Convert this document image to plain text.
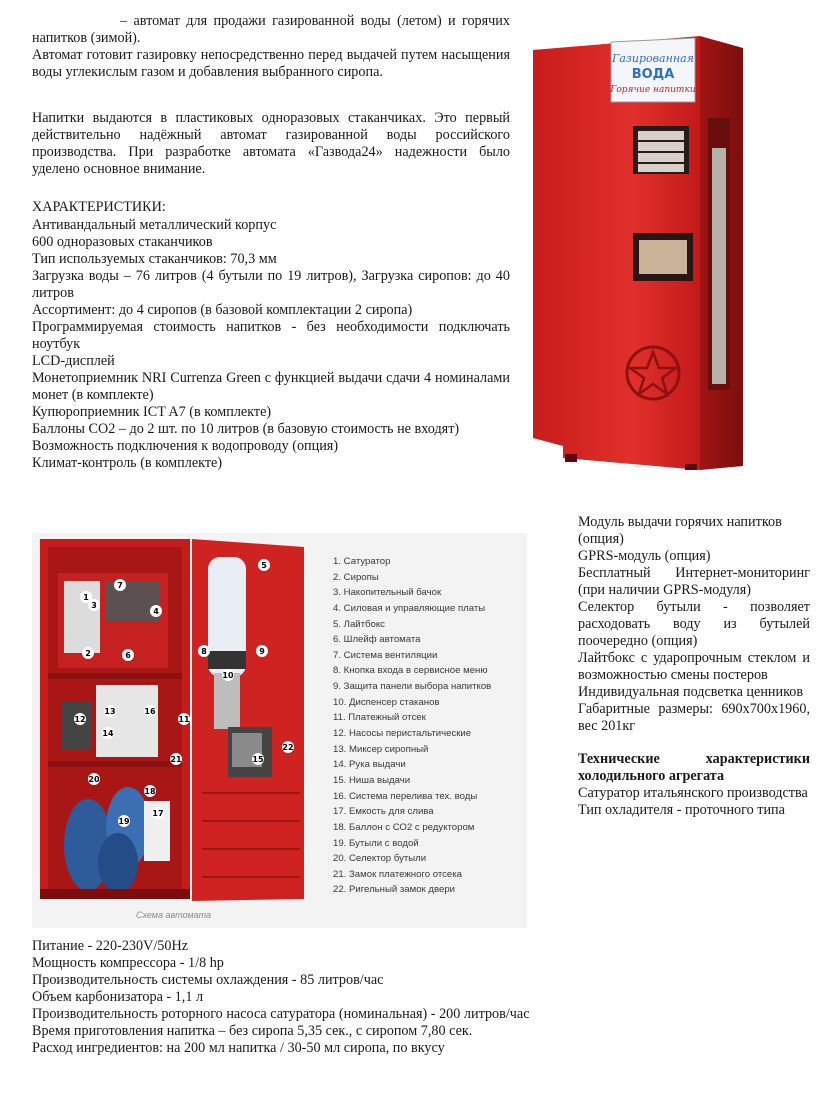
– автомат для продажи газированной воды (летом) и горячих напитков (зимой).
Автомат готовит газировку непосредственно перед выдачей путем насыщения воды углекислым газом и добавления выбранного сиропа.
Напитки выдаются в пластиковых одноразовых стаканчиках. Это первый действительно надёжный автомат газированной воды российского производства. При разработке автомата «Газвода24» надежности было уделено основное внимание.
ХАРАКТЕРИСТИКИ:
Антивандальный металлический корпус
600 одноразовых стаканчиков
Тип используемых стаканчиков: 70,3 мм
Загрузка воды – 76 литров (4 бутыли по 19 литров), Загрузка сиропов: до 40 литров
Ассортимент: до 4 сиропов (в базовой комплектации 2 сиропа)
Программируемая стоимость напитков - без необходимости подключать ноутбук
LCD-дисплей
Монетоприемник NRI Currenza Green с функцией выдачи сдачи 4 номиналами монет (в комплекте)
Купюроприемник ICT A7 (в комплекте)
Баллоны СО2 – до 2 шт. по 10 литров (в базовую стоимость не входят)
Возможность подключения к водопроводу (опция)
Климат-контроль (в комплекте)
Газированная
ВОДА
Горячие напитки
1
2
3
4
5
6
7
8	9
10
11
12
13
14
15
16
17
18
19
20
21
22
1. Сатуратор
2. Сиропы
3. Накопительный бачок
4. Силовая и управляющие платы
5. Лайтбокс
6. Шлейф автомата
7. Система вентиляции
8. Кнопка входа в сервисное меню
9. Защита панели выбора напитков
10. Диспенсер стаканов
11. Платежный отсек
12. Насосы перистальтические
13. Миксер сиропный
14. Рука выдачи
15. Ниша выдачи
16. Система перелива тех. воды
17. Емкость для слива
18. Баллон с СО2 с редуктором
19. Бутыли с водой
20. Селектор бутыли
21. Замок платежного отсека
22. Ригельный замок двери
Схема автомата
Модуль выдачи горячих напитков (опция)
GPRS-модуль (опция)
Бесплатный Интернет-мониторинг (при наличии GPRS-модуля)
Селектор бутыли - позволяет расходовать воду из бутылей поочередно (опция)
Лайтбокс с ударопрочным стеклом и возможностью смены постеров
Индивидуальная подсветка ценников
Габаритные размеры: 690х700х1960, вес 201кг
Технические характеристики холодильного агрегата
Сатуратор итальянского производства
Тип охладителя - проточного типа
Питание - 220-230V/50Hz
Мощность компрессора - 1/8 hp
Производительность системы охлаждения - 85 литров/час
Объем карбонизатора - 1,1 л
Производительность роторного насоса сатуратора (номинальная) - 200 литров/час
Время приготовления напитка – без сиропа 5,35 сек., с сиропом 7,80 сек.
Расход ингредиентов: на 200 мл напитка / 30-50 мл сиропа, по вкусу
